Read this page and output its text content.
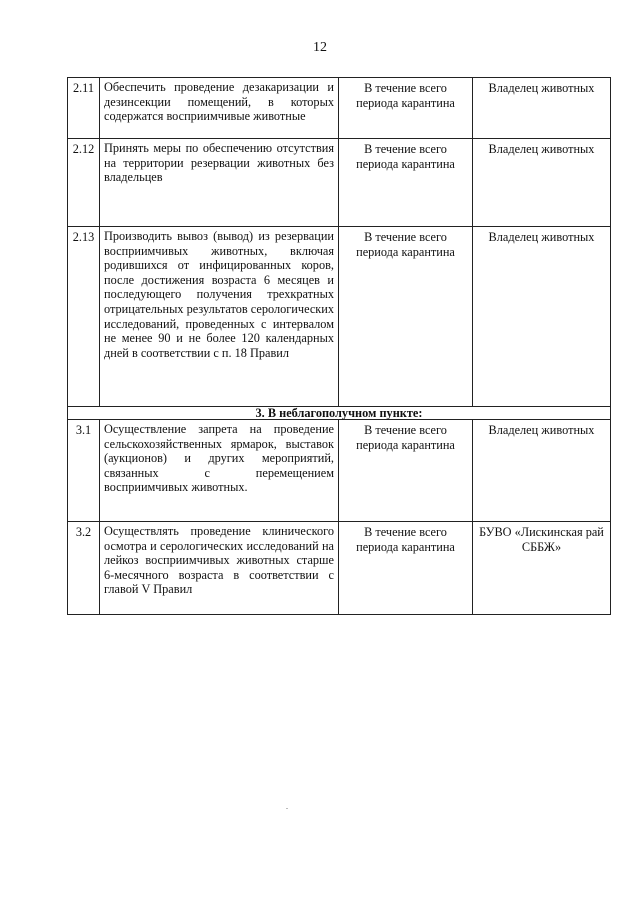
12
2.11	Обеспечить проведение дезакаризации и дезинсекции помещений, в которых содержатся восприимчивые животные	В течение всего периода карантина	Владелец животных
2.12	Принять меры по обеспечению отсутствия на территории резервации животных без владельцев	В течение всего периода карантина	Владелец животных
2.13	Производить вывоз (вывод) из резервации восприимчивых животных, включая родившихся от инфицированных коров, после достижения возраста 6 месяцев и последующего получения трехкратных отрицательных результатов серологических исследований, проведенных с интервалом не менее 90 и не более 120 календарных дней в соответствии с п. 18 Правил	В течение всего периода карантина	Владелец животных
3. В неблагополучном пункте:			
3.1	Осуществление запрета на проведение сельскохозяйственных ярмарок, выставок (аукционов) и других мероприятий, связанных с перемещением восприимчивых животных.	В течение всего периода карантина	Владелец животных
3.2	Осуществлять проведение клинического осмотра и серологических исследований на лейкоз восприимчивых животных старше 6-месячного возраста в соответствии с главой V Правил	В течение всего периода карантина	БУВО «Лискинская рай СББЖ»
